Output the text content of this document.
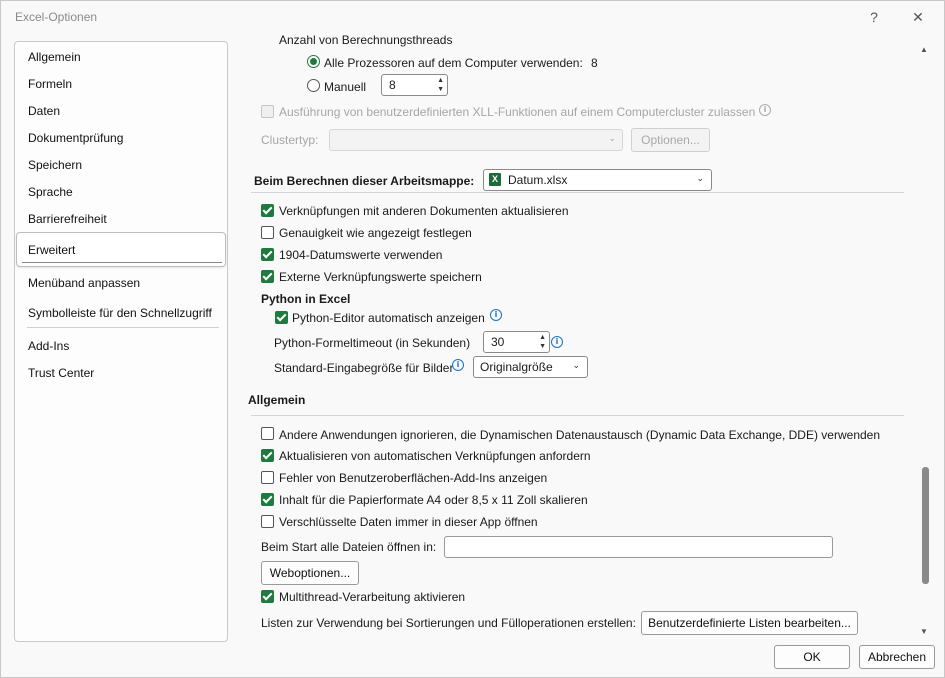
Excel-Optionen	?	✕
Allgemein
Formeln
Daten
Dokumentprüfung
Speichern
Sprache
Barrierefreiheit
Erweitert
Menüband anpassen
Symbolleiste für den Schnellzugriff
Add-Ins
Trust Center
Anzahl von Berechnungsthreads
Alle Prozessoren auf dem Computer verwenden: 8
Manuell 8	▲
▼
Ausführung von benutzerdefinierten XLL-Funktionen auf einem Computercluster zulassen	i
Clustertyp:	⌄	Optionen...
Beim Berechnen dieser Arbeitsmappe:	X Datum.xlsx	⌄
Verknüpfungen mit anderen Dokumenten aktualisieren
Genauigkeit wie angezeigt festlegen
1904-Datumswerte verwenden
Externe Verknüpfungswerte speichern
Python in Excel
Python-Editor automatisch anzeigen	i
Python-Formeltimeout (in Sekunden) 30	▲
▼
i
Standard-Eingabegröße für Bilder i	Originalgröße ⌄
Allgemein
Andere Anwendungen ignorieren, die Dynamischen Datenaustausch (Dynamic Data Exchange, DDE) verwenden
Aktualisieren von automatischen Verknüpfungen anfordern
Fehler von Benutzeroberflächen-Add-Ins anzeigen
Inhalt für die Papierformate A4 oder 8,5 x 11 Zoll skalieren
Verschlüsselte Daten immer in dieser App öffnen
Beim Start alle Dateien öffnen in:
Weboptionen...
Multithread-Verarbeitung aktivieren
Listen zur Verwendung bei Sortierungen und Fülloperationen erstellen:	Benutzerdefinierte Listen bearbeiten...
▲
▼
OK	Abbrechen
